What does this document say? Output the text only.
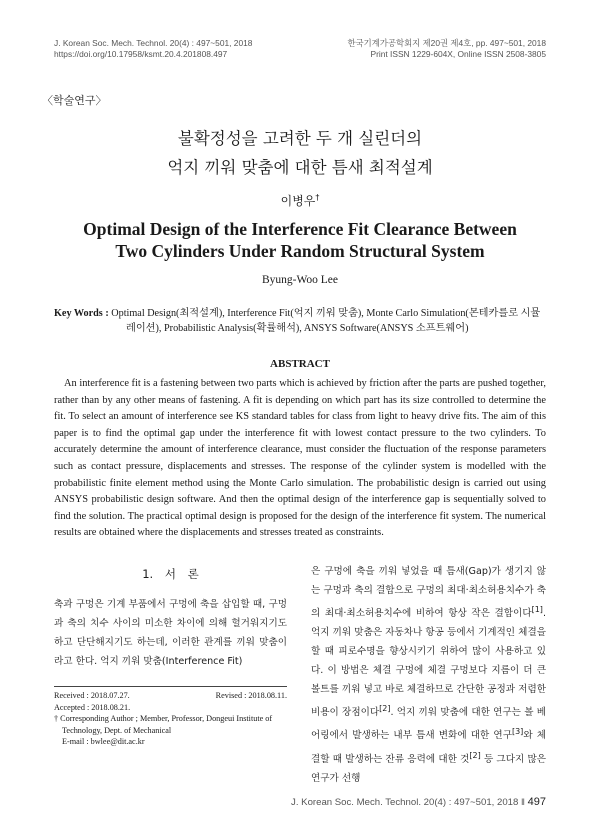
J. Korean Soc. Mech. Technol. 20(4) : 497~501, 2018
https://doi.org/10.17958/ksmt.20.4.201808.497
한국기계가공학회지 제20권 제4호, pp. 497~501, 2018
Print ISSN 1229-604X, Online ISSN 2508-3805
〈학술연구〉
불확정성을 고려한 두 개 실린더의
억지 끼워 맞춤에 대한 틈새 최적설계
이병우†
Optimal Design of the Interference Fit Clearance Between
Two Cylinders Under Random Structural System
Byung-Woo Lee
Key Words : Optimal Design(최적설계), Interference Fit(억지 끼워 맞춤), Monte Carlo Simulation(몬테카를로 시뮬레이션), Probabilistic Analysis(확률해석), ANSYS Software(ANSYS 소프트웨어)
ABSTRACT
An interference fit is a fastening between two parts which is achieved by friction after the parts are pushed together, rather than by any other means of fastening. A fit is depending on which part has its size controlled to determine the fit. To select an amount of interference see KS standard tables for class from light to heavy drive fits. The aim of this paper is to find the optimal gap under the interference fit with lowest contact pressure to the two cylinders. To accurately determine the amount of interference clearance, must consider the fluctuation of the response parameters such as contact pressure, displacements and stresses. The response of the cylinder system is modelled with the probabilistic finite element method using the Monte Carlo simulation. The probabilistic design is carried out using ANSYS probabilistic design software. And then the optimal design of the interference gap is sequentially solved to find the solution. The practical optimal design is proposed for the design of the interference fit system. The numerical results are obtained where the displacements and stresses treated as constraints.
1. 서 론
축과 구멍은 기계 부품에서 구멍에 축을 삽입할 때, 구멍과 축의 치수 사이의 미소한 차이에 의해 헐거워지기도 하고 단단해지기도 하는데, 이러한 관계를 끼워 맞춤이라고 한다. 억지 끼워 맞춤(Interference Fit)
은 구멍에 축을 끼워 넣었을 때 틈새(Gap)가 생기지 않는 구멍과 축의 결합으로 구멍의 최대·최소허용치수가 축의 최대·최소허용치수에 비하여 항상 작은 결합이다[1]. 억지 끼워 맞춤은 자동차나 항공 등에서 기계적인 체결을 할 때 피로수명을 향상시키기 위하여 많이 사용하고 있다. 이 방법은 체결 구멍에 체결 구멍보다 지름이 더 큰 볼트를 끼워 넣고 바로 체결하므로 간단한 공정과 저렴한 비용이 장점이다[2]. 억지 끼워 맞춤에 대한 연구는 볼 베어링에서 발생하는 내부 틈새 변화에 대한 연구[3]와 체결할 때 발생하는 잔류 응력에 대한 것[2] 등 그다지 많은 연구가 선행
Received : 2018.07.27.	Revised : 2018.08.11.
Accepted : 2018.08.21.
† Corresponding Author ; Member, Professor, Dongeui Institute of
Technology, Dept. of Mechanical
E-mail : bwlee@dit.ac.kr
J. Korean Soc. Mech. Technol. 20(4) : 497~501, 2018 ‖ 497
